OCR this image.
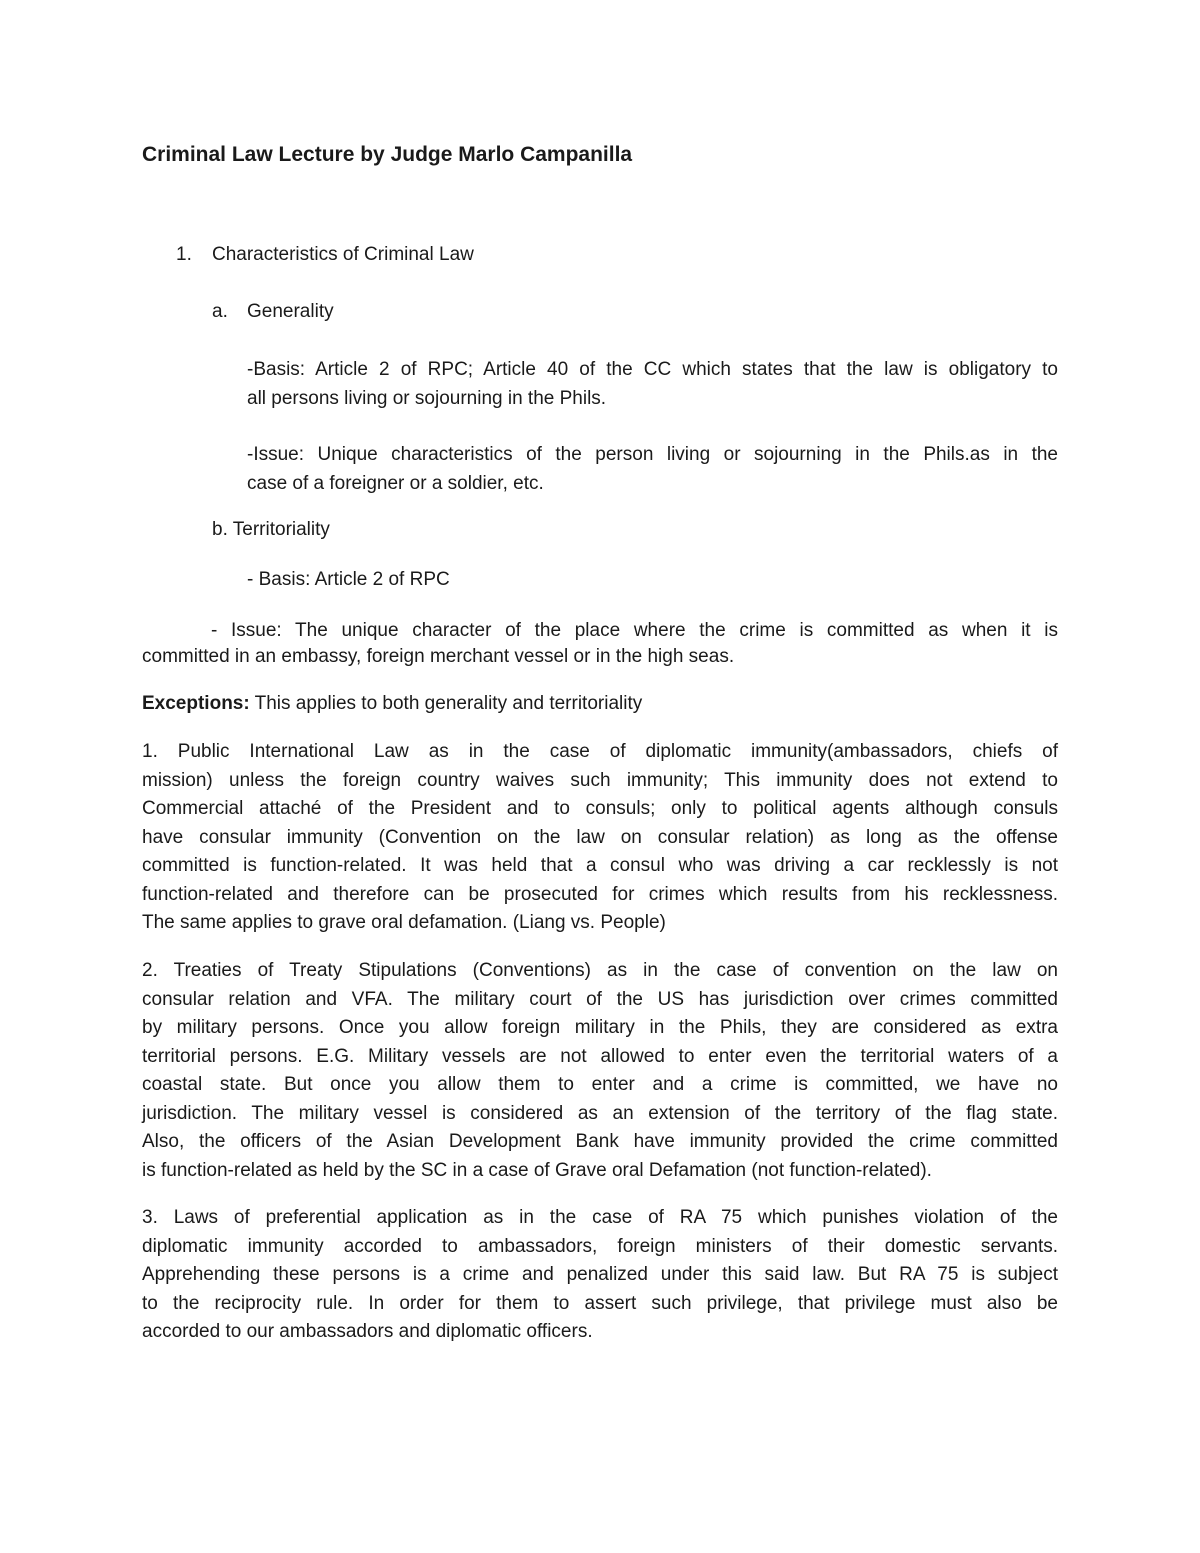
Criminal Law Lecture by Judge Marlo Campanilla
1. Characteristics of Criminal Law

a. Generality

-Basis: Article 2 of RPC; Article 40 of the CC which states that the law is obligatory to
all persons living or sojourning in the Phils.
-Issue: Unique characteristics of the person living or sojourning in the Phils.as in the
case of a foreigner or a soldier, etc.

b. Territoriality

- Basis: Article 2 of RPC

- Issue: The unique character of the place where the crime is committed as when it is
committed in an embassy, foreign merchant vessel or in the high seas.

Exceptions: This applies to both generality and territoriality

1. Public International Law as in the case of diplomatic immunity(ambassadors, chiefs of
mission) unless the foreign country waives such immunity; This immunity does not extend to
Commercial attaché of the President and to consuls; only to political agents although consuls
have consular immunity (Convention on the law on consular relation) as long as the offense
committed is function-related. It was held that a consul who was driving a car recklessly is not
function-related and therefore can be prosecuted for crimes which results from his recklessness.
The same applies to grave oral defamation. (Liang vs. People)
2. Treaties of Treaty Stipulations (Conventions) as in the case of convention on the law on
consular relation and VFA. The military court of the US has jurisdiction over crimes committed
by military persons. Once you allow foreign military in the Phils, they are considered as extra
territorial persons. E.G. Military vessels are not allowed to enter even the territorial waters of a
coastal state. But once you allow them to enter and a crime is committed, we have no
jurisdiction. The military vessel is considered as an extension of the territory of the flag state.
Also, the officers of the Asian Development Bank have immunity provided the crime committed
is function-related as held by the SC in a case of Grave oral Defamation (not function-related).
3. Laws of preferential application as in the case of RA 75 which punishes violation of the
diplomatic immunity accorded to ambassadors, foreign ministers of their domestic servants.
Apprehending these persons is a crime and penalized under this said law. But RA 75 is subject
to the reciprocity rule. In order for them to assert such privilege, that privilege must also be
accorded to our ambassadors and diplomatic officers.
